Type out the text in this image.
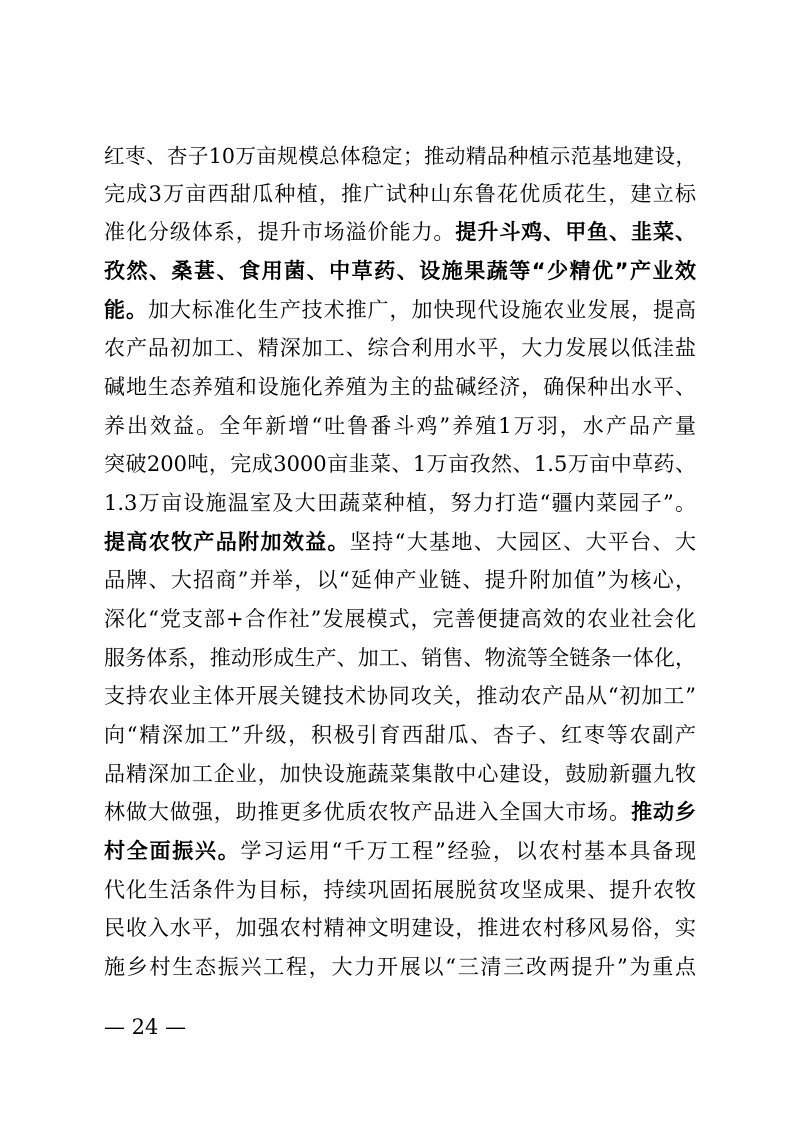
红枣、杏子10万亩规模总体稳定；推动精品种植示范基地建设，
完成3万亩西甜瓜种植，推广试种山东鲁花优质花生，建立标
准化分级体系，提升市场溢价能力。提升斗鸡、甲鱼、韭菜、
孜然、桑葚、食用菌、中草药、设施果蔬等“少精优”产业效
能。加大标准化生产技术推广，加快现代设施农业发展，提高
农产品初加工、精深加工、综合利用水平，大力发展以低洼盐
碱地生态养殖和设施化养殖为主的盐碱经济，确保种出水平、
养出效益。全年新增“吐鲁番斗鸡”养殖1万羽，水产品产量
突破200吨，完成3000亩韭菜、1万亩孜然、1.5万亩中草药、
1.3万亩设施温室及大田蔬菜种植，努力打造“疆内菜园子”。
提高农牧产品附加效益。坚持“大基地、大园区、大平台、大
品牌、大招商”并举，以“延伸产业链、提升附加值”为核心，
深化“党支部+合作社”发展模式，完善便捷高效的农业社会化
服务体系，推动形成生产、加工、销售、物流等全链条一体化，
支持农业主体开展关键技术协同攻关，推动农产品从“初加工”
向“精深加工”升级，积极引育西甜瓜、杏子、红枣等农副产
品精深加工企业，加快设施蔬菜集散中心建设，鼓励新疆九牧
林做大做强，助推更多优质农牧产品进入全国大市场。推动乡
村全面振兴。学习运用“千万工程”经验，以农村基本具备现
代化生活条件为目标，持续巩固拓展脱贫攻坚成果、提升农牧
民收入水平，加强农村精神文明建设，推进农村移风易俗，实
施乡村生态振兴工程，大力开展以“三清三改两提升”为重点
— 24 —
